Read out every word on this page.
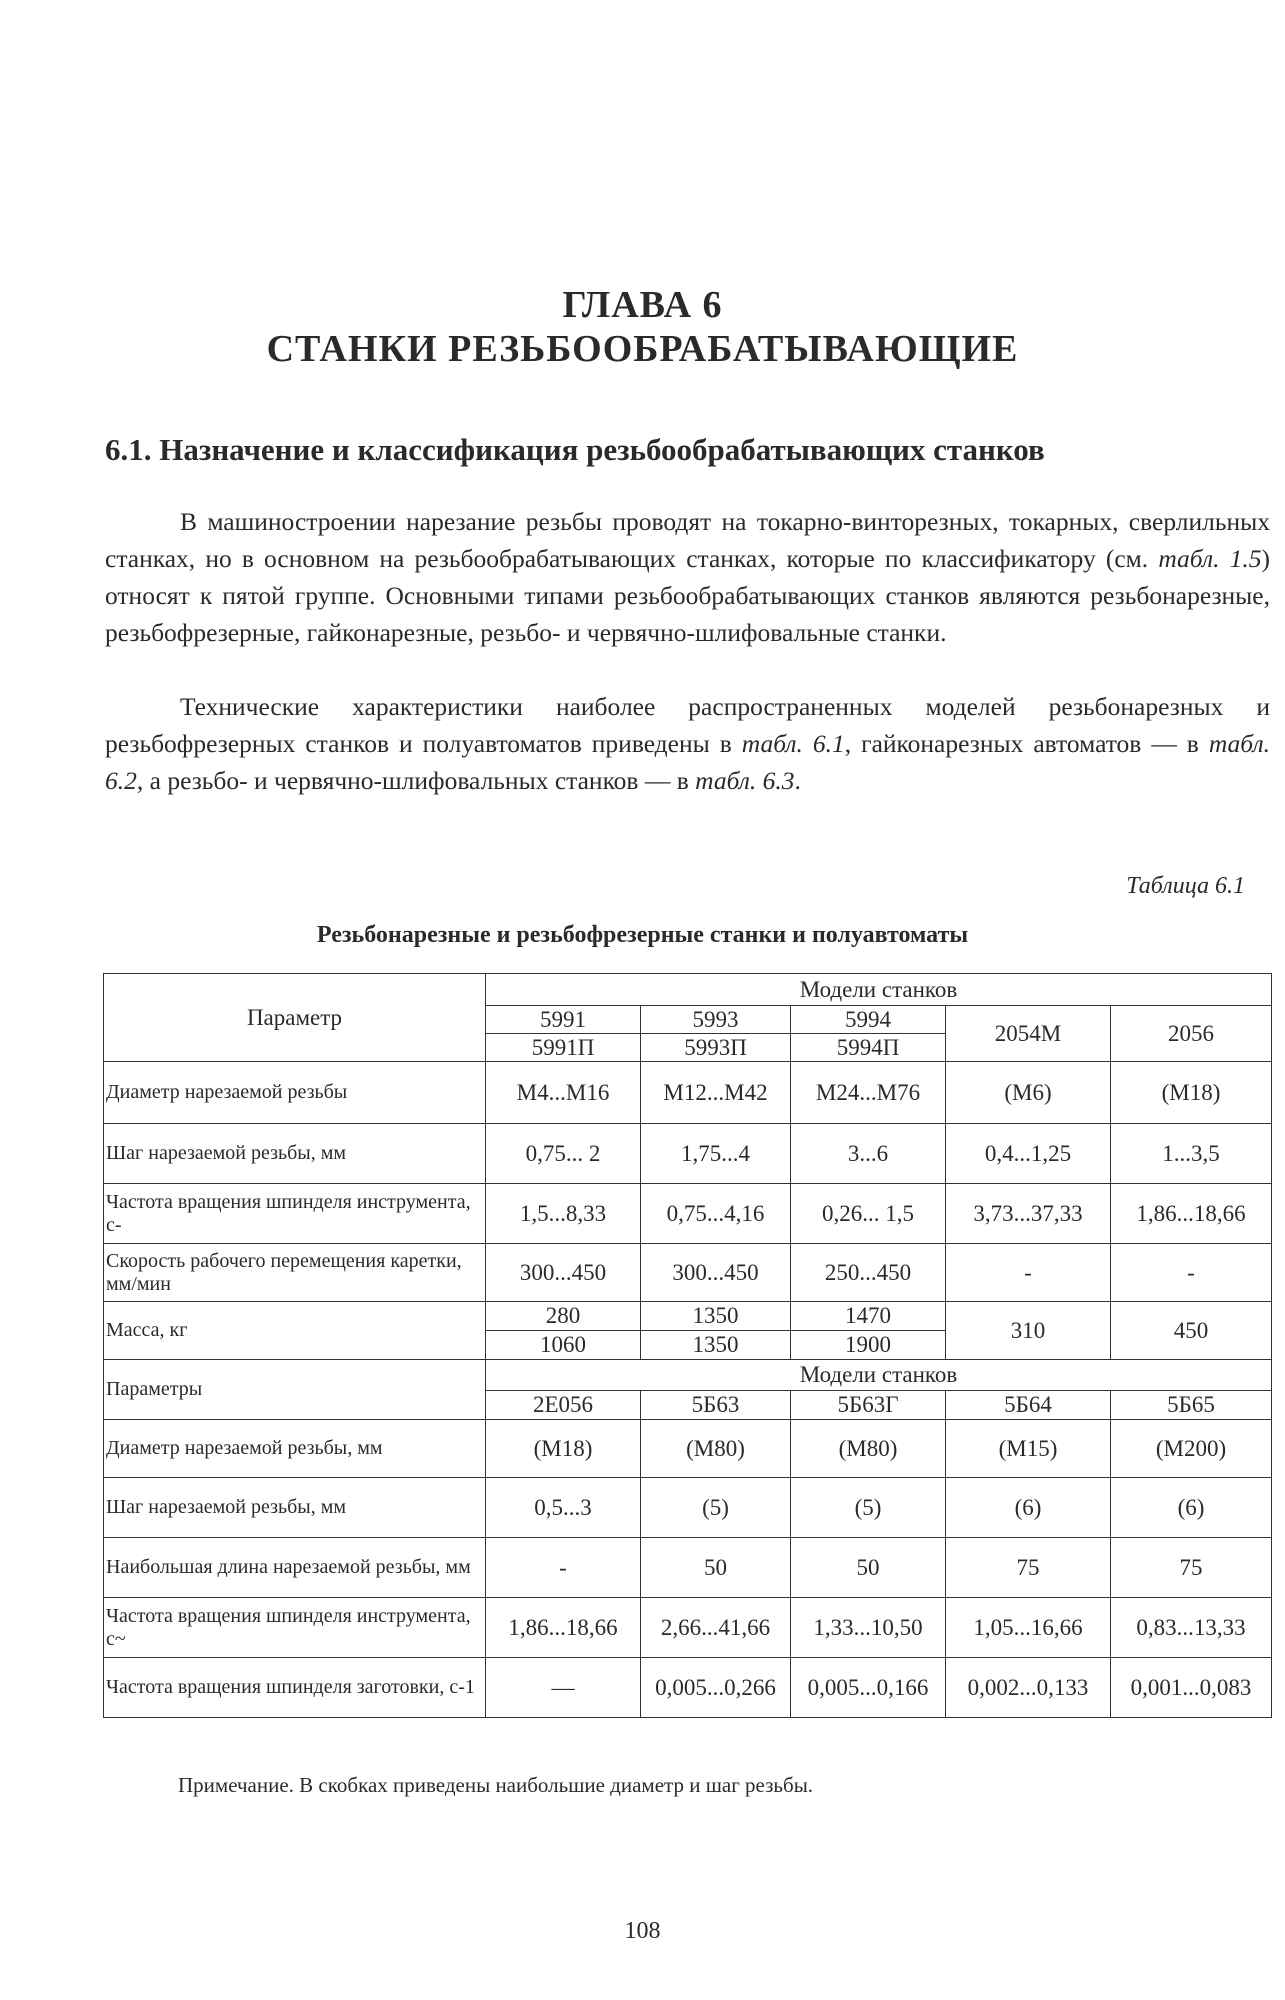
ГЛАВА 6
СТАНКИ РЕЗЬБООБРАБАТЫВАЮЩИЕ
6.1. Назначение и классификация резьбообрабатывающих станков

В машиностроении нарезание резьбы проводят на токарно-винторезных, токарных, сверлильных станках, но в основном на резьбообрабатывающих станках, которые по классификатору (см. табл. 1.5) относят к пятой группе. Основными типами резьбообрабатывающих станков являются резьбонарезные, резьбофрезерные, гайконарезные, резьбо- и червячно-шлифовальные станки.

Технические характеристики наиболее распространенных моделей резьбонарезных и резьбофрезерных станков и полуавтоматов приведены в табл. 6.1, гайконарезных автоматов — в табл. 6.2, а резьбо- и червячно-шлифовальных станков — в табл. 6.3.

Таблица 6.1
Резьбонарезные и резьбофрезерные станки и полуавтоматы
Параметр	Модели станков				
	5991	5993	5994	2054М	2056
	5991П	5993П	5994П		
Диаметр нарезаемой резьбы	М4...М16	М12...М42	М24...М76	(М6)	(М18)
Шаг нарезаемой резьбы, мм	0,75... 2	1,75...4	3...6	0,4...1,25	1...3,5
Частота вращения шпинделя инструмента, с-	1,5...8,33	0,75...4,16	0,26... 1,5	3,73...37,33	1,86...18,66
Скорость рабочего перемещения каретки, мм/мин	300...450	300...450	250...450	-	-
Масса, кг	280	1350	1470	310	450
	1060	1350	1900		
Параметры	Модели станков				
	2Е056	5Б63	5Б63Г	5Б64	5Б65
Диаметр нарезаемой резьбы, мм	(М18)	(М80)	(М80)	(М15)	(М200)
Шаг нарезаемой резьбы, мм	0,5...3	(5)	(5)	(6)	(6)
Наибольшая длина нарезаемой резьбы, мм	-	50	50	75	75
Частота вращения шпинделя инструмента, с~	1,86...18,66	2,66...41,66	1,33...10,50	1,05...16,66	0,83...13,33
Частота вращения шпинделя заготовки, с-1	—	0,005...0,266	0,005...0,166	0,002...0,133	0,001...0,083
Примечание. В скобках приведены наибольшие диаметр и шаг резьбы.
108
